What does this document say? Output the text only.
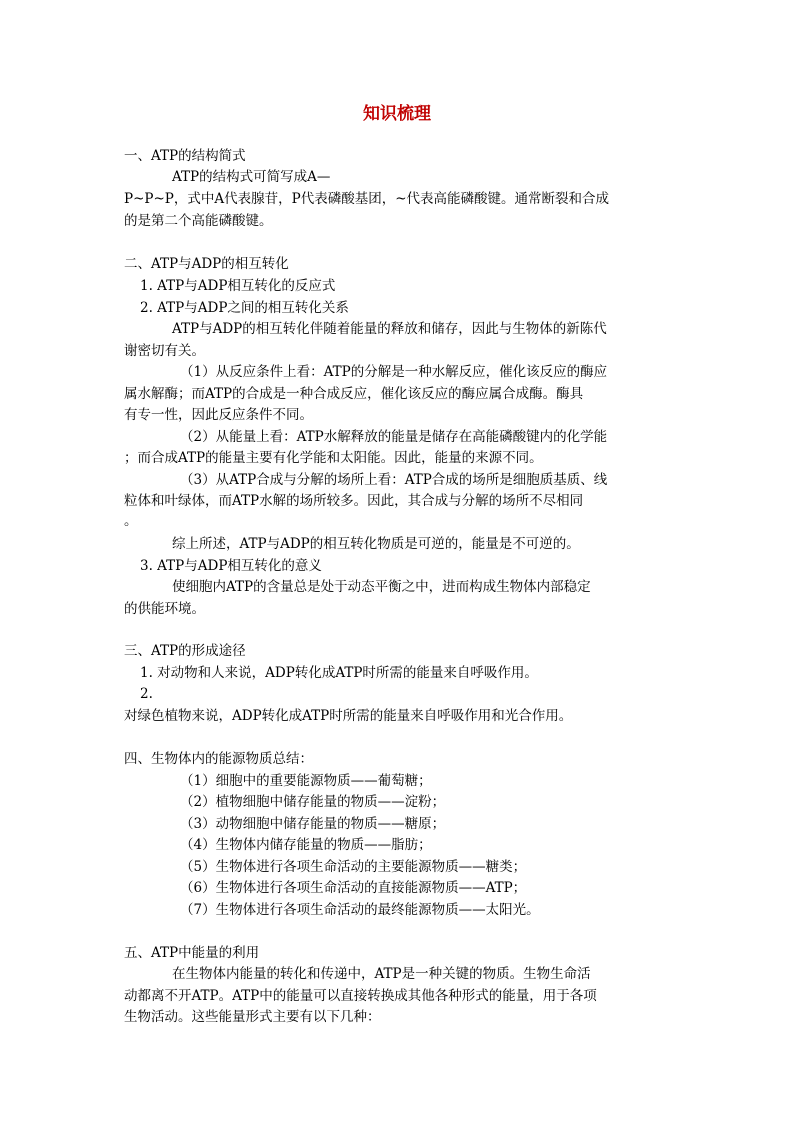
知识梳理
一、ATP的结构简式
ATP的结构式可简写成A—
P~P~P，式中A代表腺苷，P代表磷酸基团，~代表高能磷酸键。通常断裂和合成
的是第二个高能磷酸键。
二、ATP与ADP的相互转化
1. ATP与ADP相互转化的反应式
2. ATP与ADP之间的相互转化关系
ATP与ADP的相互转化伴随着能量的释放和储存，因此与生物体的新陈代
谢密切有关。
（1）从反应条件上看：ATP的分解是一种水解反应，催化该反应的酶应
属水解酶；而ATP的合成是一种合成反应，催化该反应的酶应属合成酶。酶具
有专一性，因此反应条件不同。
（2）从能量上看：ATP水解释放的能量是储存在高能磷酸键内的化学能
；而合成ATP的能量主要有化学能和太阳能。因此，能量的来源不同。
（3）从ATP合成与分解的场所上看：ATP合成的场所是细胞质基质、线
粒体和叶绿体，而ATP水解的场所较多。因此，其合成与分解的场所不尽相同
。
综上所述，ATP与ADP的相互转化物质是可逆的，能量是不可逆的。
3. ATP与ADP相互转化的意义
使细胞内ATP的含量总是处于动态平衡之中，进而构成生物体内部稳定
的供能环境。
三、ATP的形成途径
1. 对动物和人来说，ADP转化成ATP时所需的能量来自呼吸作用。
2.
对绿色植物来说，ADP转化成ATP时所需的能量来自呼吸作用和光合作用。
四、生物体内的能源物质总结：
（1）细胞中的重要能源物质——葡萄糖；
（2）植物细胞中储存能量的物质——淀粉；
（3）动物细胞中储存能量的物质——糖原；
（4）生物体内储存能量的物质——脂肪；
（5）生物体进行各项生命活动的主要能源物质——糖类；
（6）生物体进行各项生命活动的直接能源物质——ATP；
（7）生物体进行各项生命活动的最终能源物质——太阳光。
五、ATP中能量的利用
在生物体内能量的转化和传递中，ATP是一种关键的物质。生物生命活
动都离不开ATP。ATP中的能量可以直接转换成其他各种形式的能量，用于各项
生物活动。这些能量形式主要有以下几种：
